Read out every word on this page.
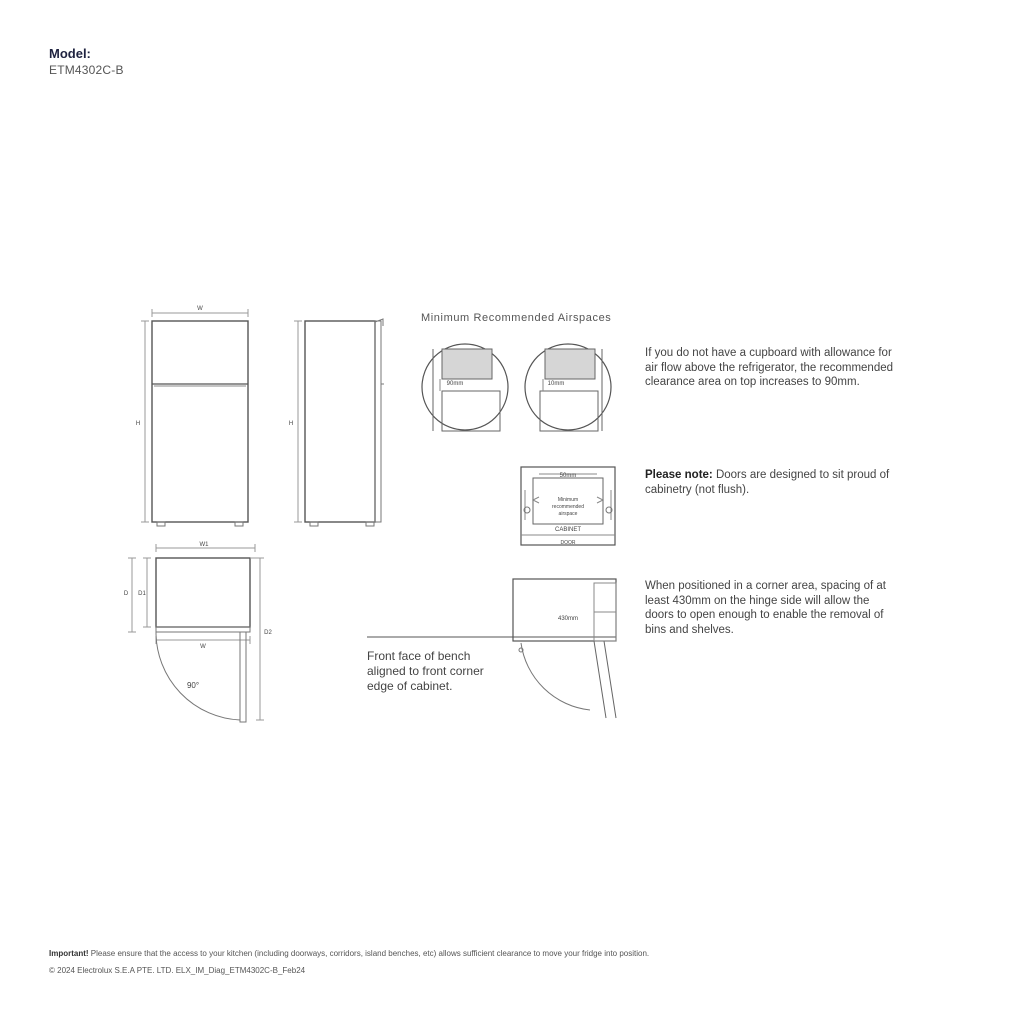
Model:
ETM4302C-B
W
H	H
W1
D D1
W
D2
90°
90mm	10mm
50mm
Minimum
recommended
airspace
CABINET
DOOR
430mm
Minimum Recommended Airspaces
If you do not have a cupboard with allowance for air flow above the refrigerator, the recommended clearance area on top increases to 90mm.
Please note: Doors are designed to sit proud of cabinetry (not flush).
When positioned in a corner area, spacing of at least 430mm on the hinge side will allow the doors to open enough to enable the removal of bins and shelves.
Front face of bench aligned to front corner edge of cabinet.
Important! Please ensure that the access to your kitchen (including doorways, corridors, island benches, etc) allows sufficient clearance to move your fridge into position.
© 2024 Electrolux S.E.A PTE. LTD. ELX_IM_Diag_ETM4302C-B_Feb24
